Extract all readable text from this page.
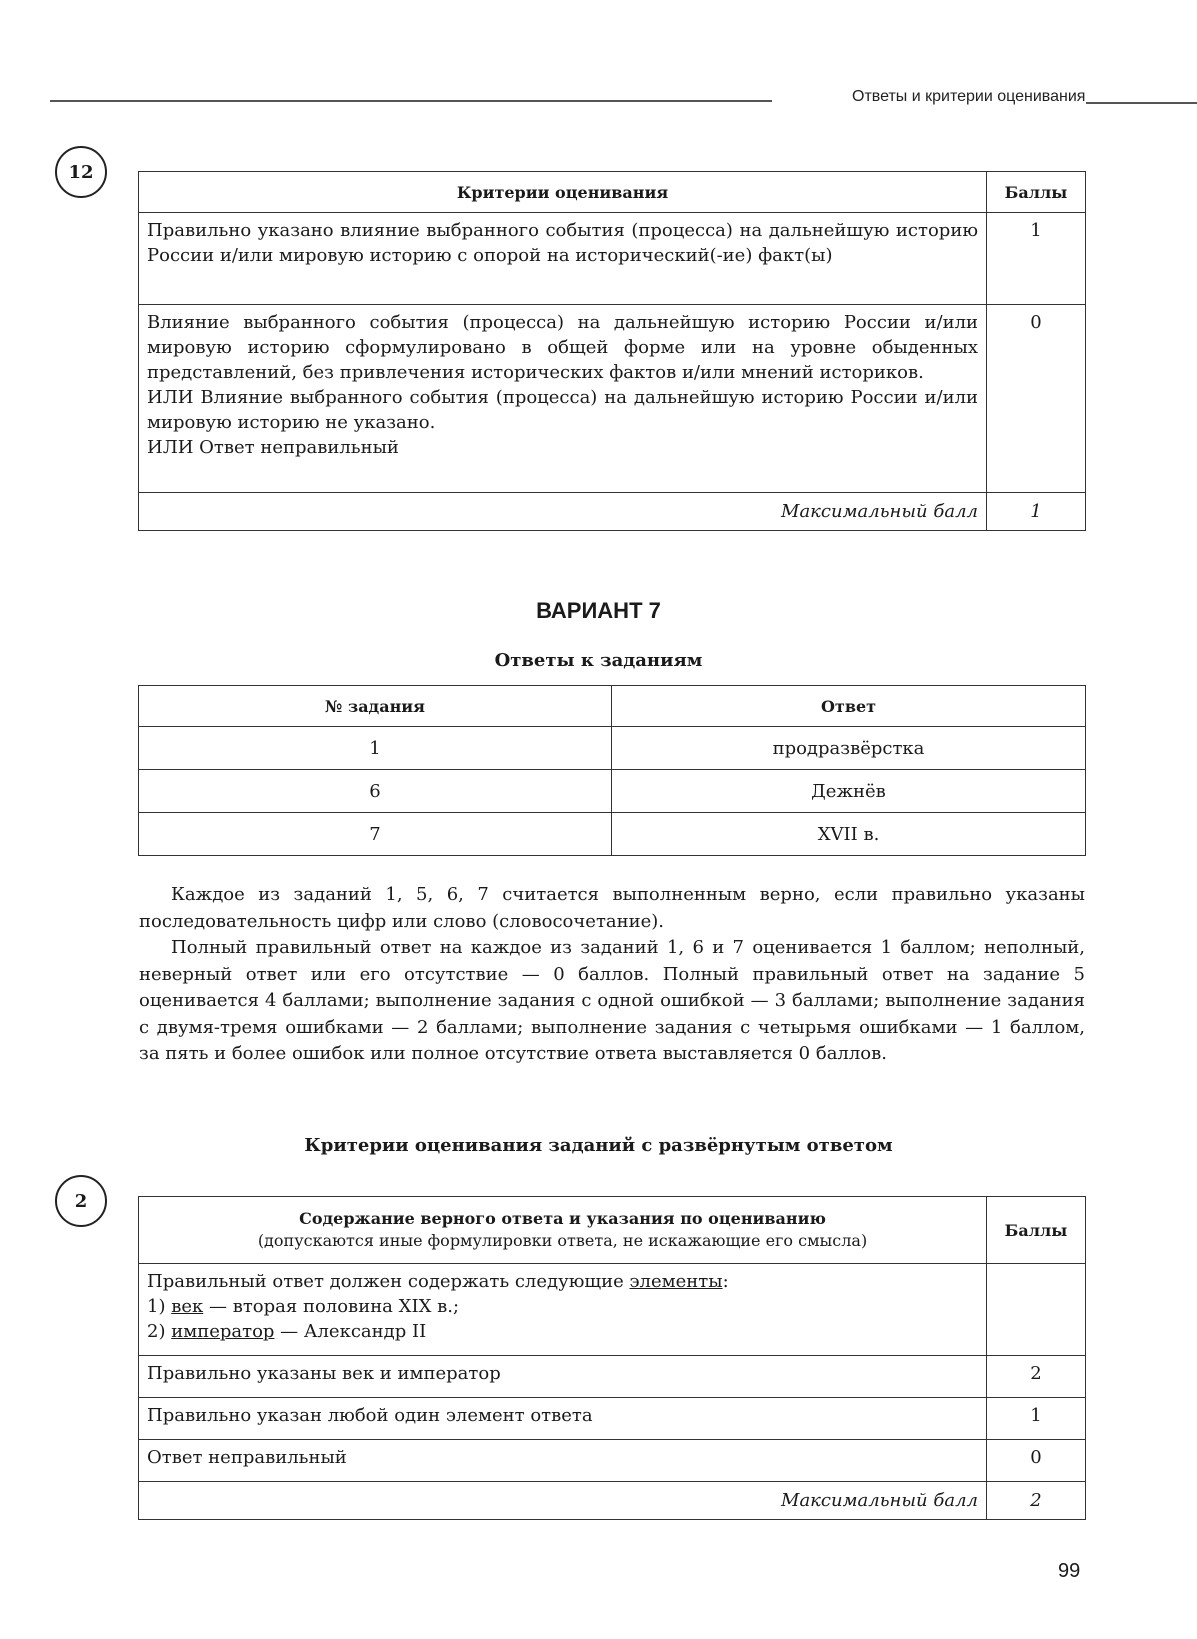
Ответы и критерии оценивания
12
Критерии оценивания	Баллы
Правильно указано влияние выбранного события (процесса) на дальнейшую историю России и/или мировую историю с опорой на исторический(-ие) факт(ы)	1

Влияние выбранного события (процесса) на дальнейшую историю России и/или мировую историю сформулировано в общей форме или на уровне обыденных представлений, без привлечения исторических фактов и/или мнений историков.
ИЛИ Влияние выбранного события (процесса) на дальнейшую историю России и/или мировую историю не указано.
ИЛИ Ответ неправильный	0
Максимальный балл	1
ВАРИАНТ 7
Ответы к заданиям
№ задания	Ответ
1	продразвёрстка
6	Дежнёв
7	XVII в.

Каждое из заданий 1, 5, 6, 7 считается выполненным верно, если правильно указаны последовательность цифр или слово (словосочетание).

Полный правильный ответ на каждое из заданий 1, 6 и 7 оценивается 1 баллом; неполный, неверный ответ или его отсутствие — 0 баллов. Полный правильный ответ на задание 5 оценивается 4 баллами; выполнение задания с одной ошибкой — 3 баллами; выполнение задания с двумя-тремя ошибками — 2 баллами; выполнение задания с четырьмя ошибками — 1 баллом, за пять и более ошибок или полное отсутствие ответа выставляется 0 баллов.

Критерии оценивания заданий с развёрнутым ответом
2
Содержание верного ответа и указания по оцениванию
(допускаются иные формулировки ответа, не искажающие его смысла)	Баллы

Правильный ответ должен содержать следующие элементы:
1) век — вторая половина XIX в.;
2) император — Александр II	

Правильно указаны век и император	2
Правильно указан любой один элемент ответа	1
Ответ неправильный	0
Максимальный балл	2
99
